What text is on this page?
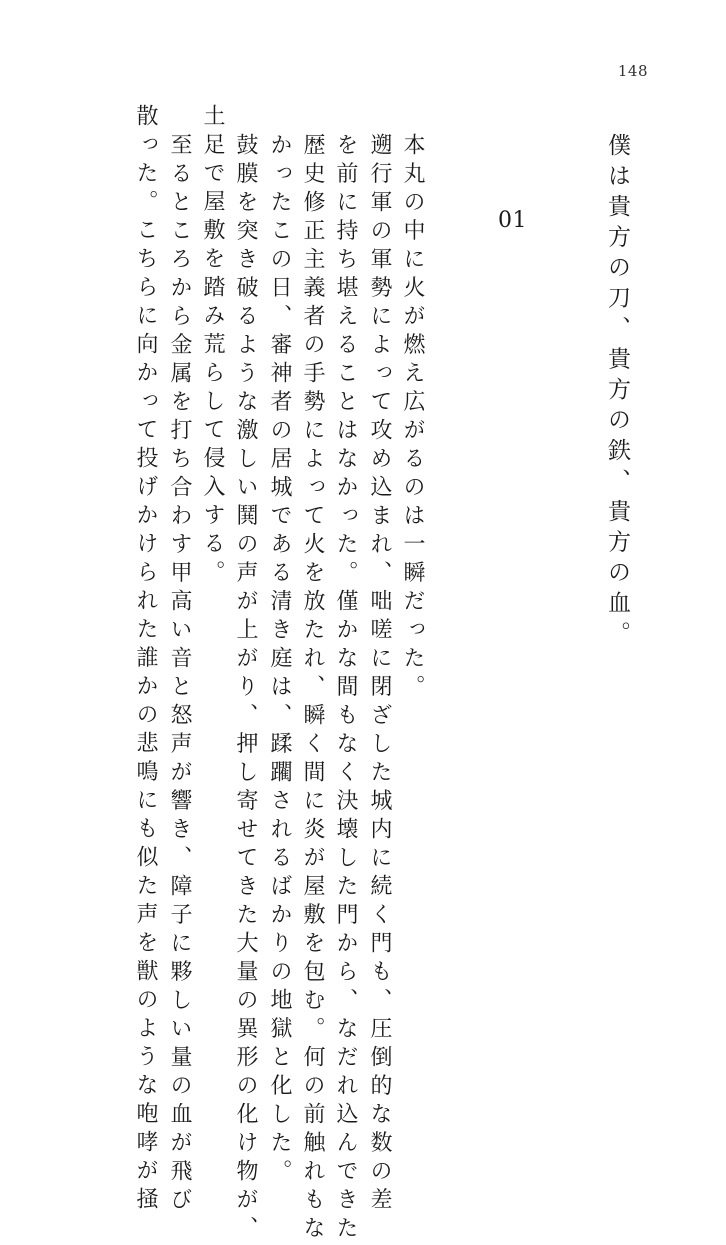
148
僕は貴方の刀、貴方の鉄、貴方の血。
01
本丸の中に火が燃え広がるのは一瞬だった。
遡行軍の軍勢によって攻め込まれ、咄嗟に閉ざした城内に続く門も、圧倒的な数の差
を前に持ち堪えることはなかった。僅かな間もなく決壊した門から、なだれ込んできた
歴史修正主義者の手勢によって火を放たれ、瞬く間に炎が屋敷を包む。何の前触れもな
かったこの日、審神者の居城である清き庭は、蹂躙されるばかりの地獄と化した。
鼓膜を突き破るような激しい鬨の声が上がり、押し寄せてきた大量の異形の化け物が、
土足で屋敷を踏み荒らして侵入する。
至るところから金属を打ち合わす甲高い音と怒声が響き、障子に夥しい量の血が飛び
散った。こちらに向かって投げかけられた誰かの悲鳴にも似た声を獣のような咆哮が掻
